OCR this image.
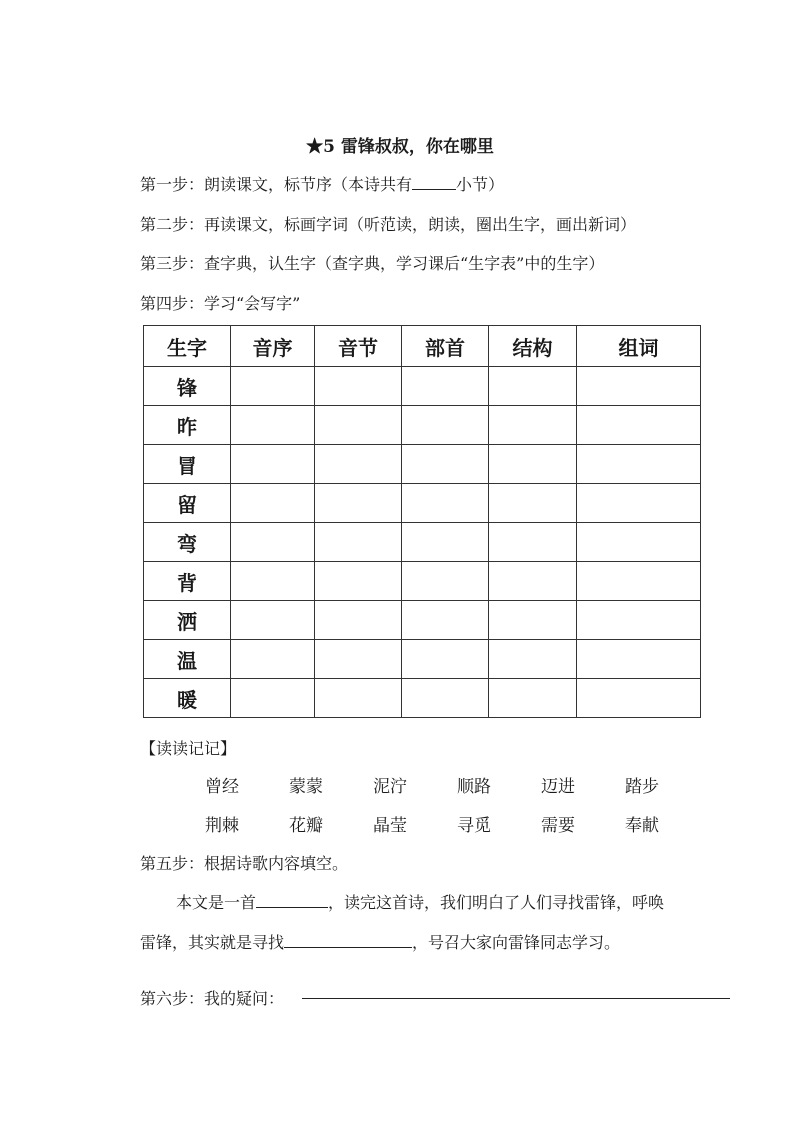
★5 雷锋叔叔，你在哪里
第一步：朗读课文，标节序（本诗共有	小节）
第二步：再读课文，标画字词（听范读，朗读，圈出生字，画出新词）
第三步：查字典，认生字（查字典，学习课后“生字表”中的生字）
第四步：学习“会写字”
生字	音序	音节	部首	结构	组词
锋					
昨					
冒					
留					
弯					
背					
洒					
温					
暖					
【读读记记】
曾经	蒙蒙	泥泞	顺路	迈进	踏步
荆棘	花瓣	晶莹	寻觅	需要	奉献
第五步：根据诗歌内容填空。
本文是一首	，读完这首诗，我们明白了人们寻找雷锋，呼唤
雷锋，其实就是寻找	，号召大家向雷锋同志学习。
第六步：我的疑问：
